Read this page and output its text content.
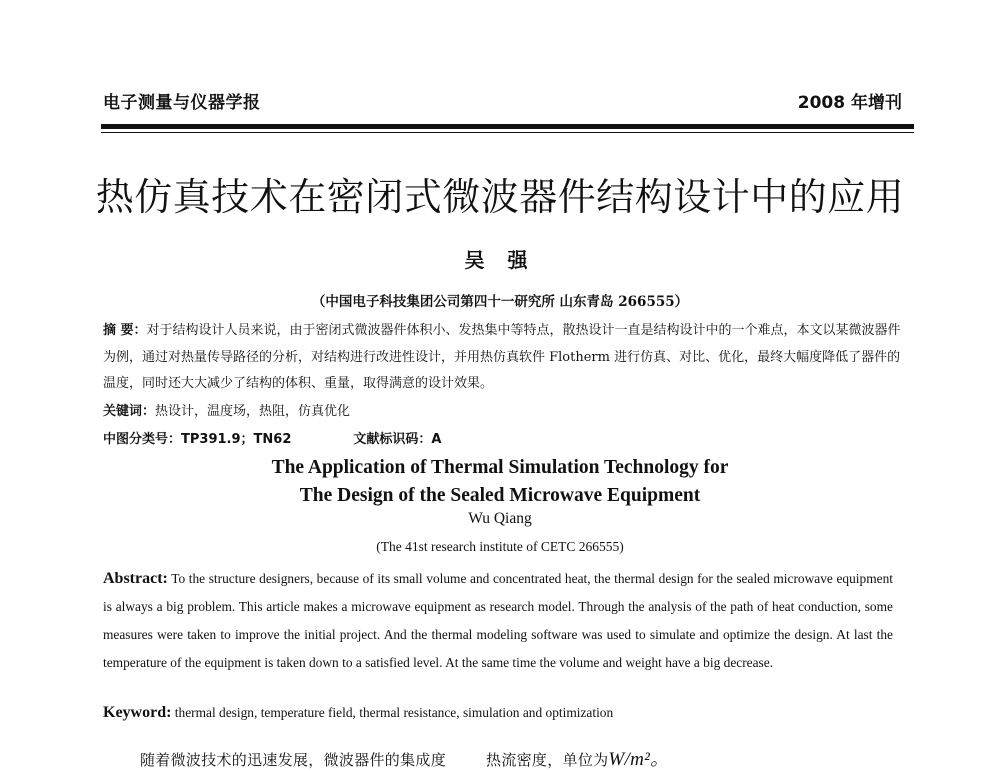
电子测量与仪器学报	2008 年增刊
热仿真技术在密闭式微波器件结构设计中的应用
吴 强
（中国电子科技集团公司第四十一研究所 山东青岛 266555）
摘 要：对于结构设计人员来说，由于密闭式微波器件体积小、发热集中等特点，散热设计一直是结构设计中的一个难点，本文以某微波器件为例，通过对热量传导路径的分析，对结构进行改进性设计，并用热仿真软件 Flotherm 进行仿真、对比、优化，最终大幅度降低了器件的温度，同时还大大减少了结构的体积、重量，取得满意的设计效果。
关键词：热设计，温度场，热阻，仿真优化
中图分类号：TP391.9；TN62	文献标识码：A
The Application of Thermal Simulation Technology for
The Design of the Sealed Microwave Equipment
Wu Qiang
(The 41st research institute of CETC 266555)
Abstract: To the structure designers, because of its small volume and concentrated heat, the thermal design for the sealed microwave equipment is always a big problem. This article makes a microwave equipment as research model. Through the analysis of the path of heat conduction, some measures were taken to improve the initial project. And the thermal modeling software was used to simulate and optimize the design. At last the temperature of the equipment is taken down to a satisfied level. At the same time the volume and weight have a big decrease.
Keyword: thermal design, temperature field, thermal resistance, simulation and optimization
随着微波技术的迅速发展，微波器件的集成度	热流密度，单位为W/m²。
